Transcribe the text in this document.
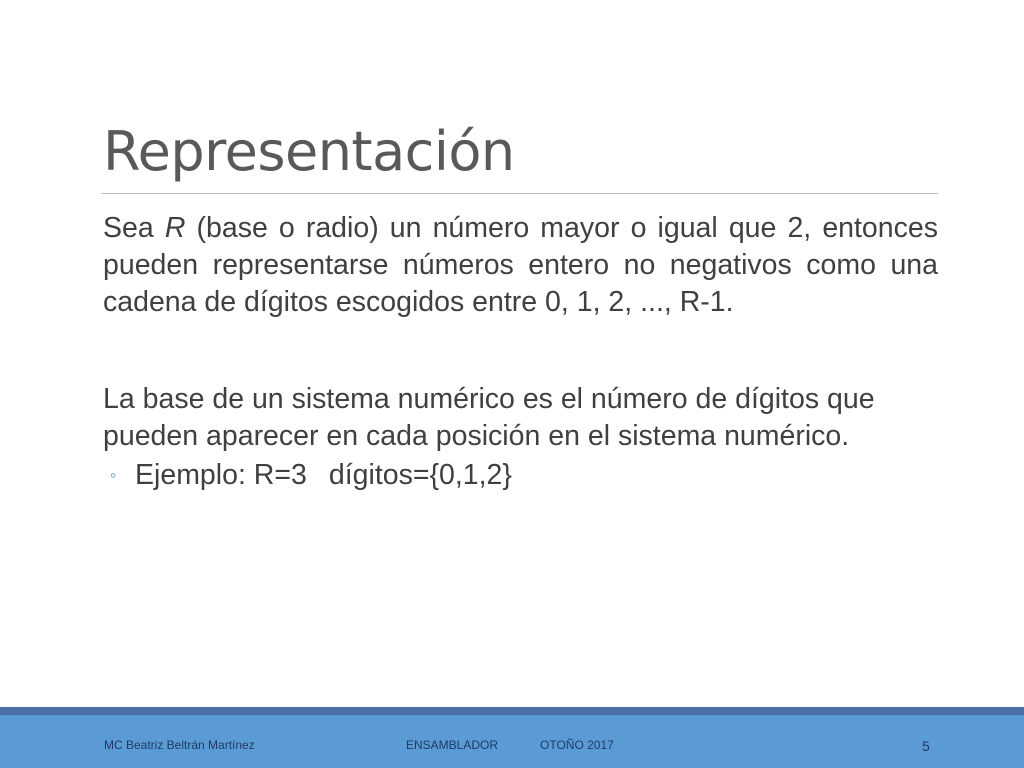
Representación

Sea R (base o radio) un número mayor o igual que 2, entonces pueden representarse números entero no negativos como una cadena de dígitos escogidos entre 0, 1, 2, ..., R-1.

La base de un sistema numérico es el número de dígitos que pueden aparecer en cada posición en el sistema numérico.

◦ Ejemplo: R=3 dígitos={0,1,2}
MC Beatriz Beltrán Martínez	ENSAMBLADOR	OTOÑO 2017	5
